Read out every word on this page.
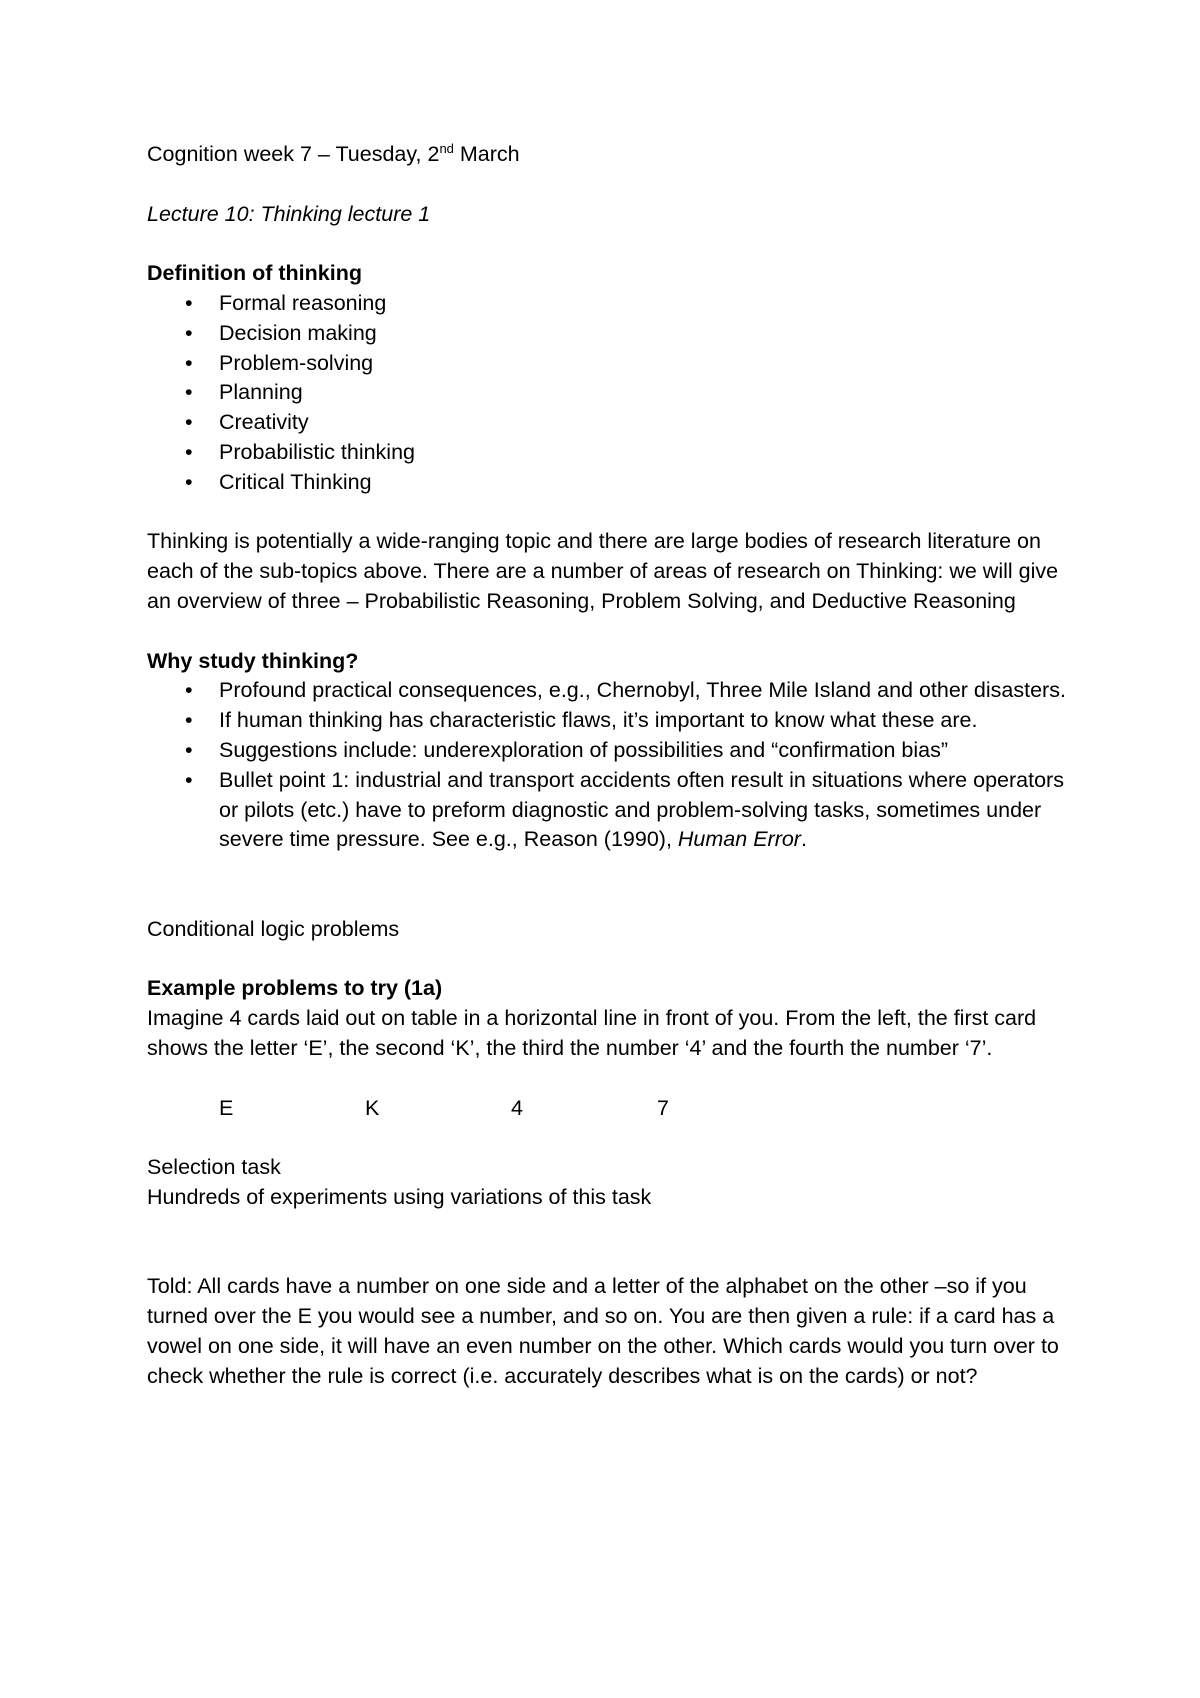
Cognition week 7 – Tuesday, 2nd March

Lecture 10: Thinking lecture 1

Definition of thinking

• Formal reasoning
• Decision making
• Problem-solving
• Planning
• Creativity
• Probabilistic thinking
• Critical Thinking

Thinking is potentially a wide-ranging topic and there are large bodies of research literature on each of the sub-topics above. There are a number of areas of research on Thinking: we will give an overview of three – Probabilistic Reasoning, Problem Solving, and Deductive Reasoning

Why study thinking?

• Profound practical consequences, e.g., Chernobyl, Three Mile Island and other disasters.
• If human thinking has characteristic flaws, it’s important to know what these are.
• Suggestions include: underexploration of possibilities and “confirmation bias”
• Bullet point 1: industrial and transport accidents often result in situations where operators or pilots (etc.) have to preform diagnostic and problem-solving tasks, sometimes under severe time pressure. See e.g., Reason (1990), Human Error.

Conditional logic problems

Example problems to try (1a)

Imagine 4 cards laid out on table in a horizontal line in front of you. From the left, the first card shows the letter ‘E’, the second ‘K’, the third the number ‘4’ and the fourth the number ‘7’.

E	K	4	7

Selection task

Hundreds of experiments using variations of this task

Told: All cards have a number on one side and a letter of the alphabet on the other –so if you turned over the E you would see a number, and so on. You are then given a rule: if a card has a vowel on one side, it will have an even number on the other. Which cards would you turn over to check whether the rule is correct (i.e. accurately describes what is on the cards) or not?
